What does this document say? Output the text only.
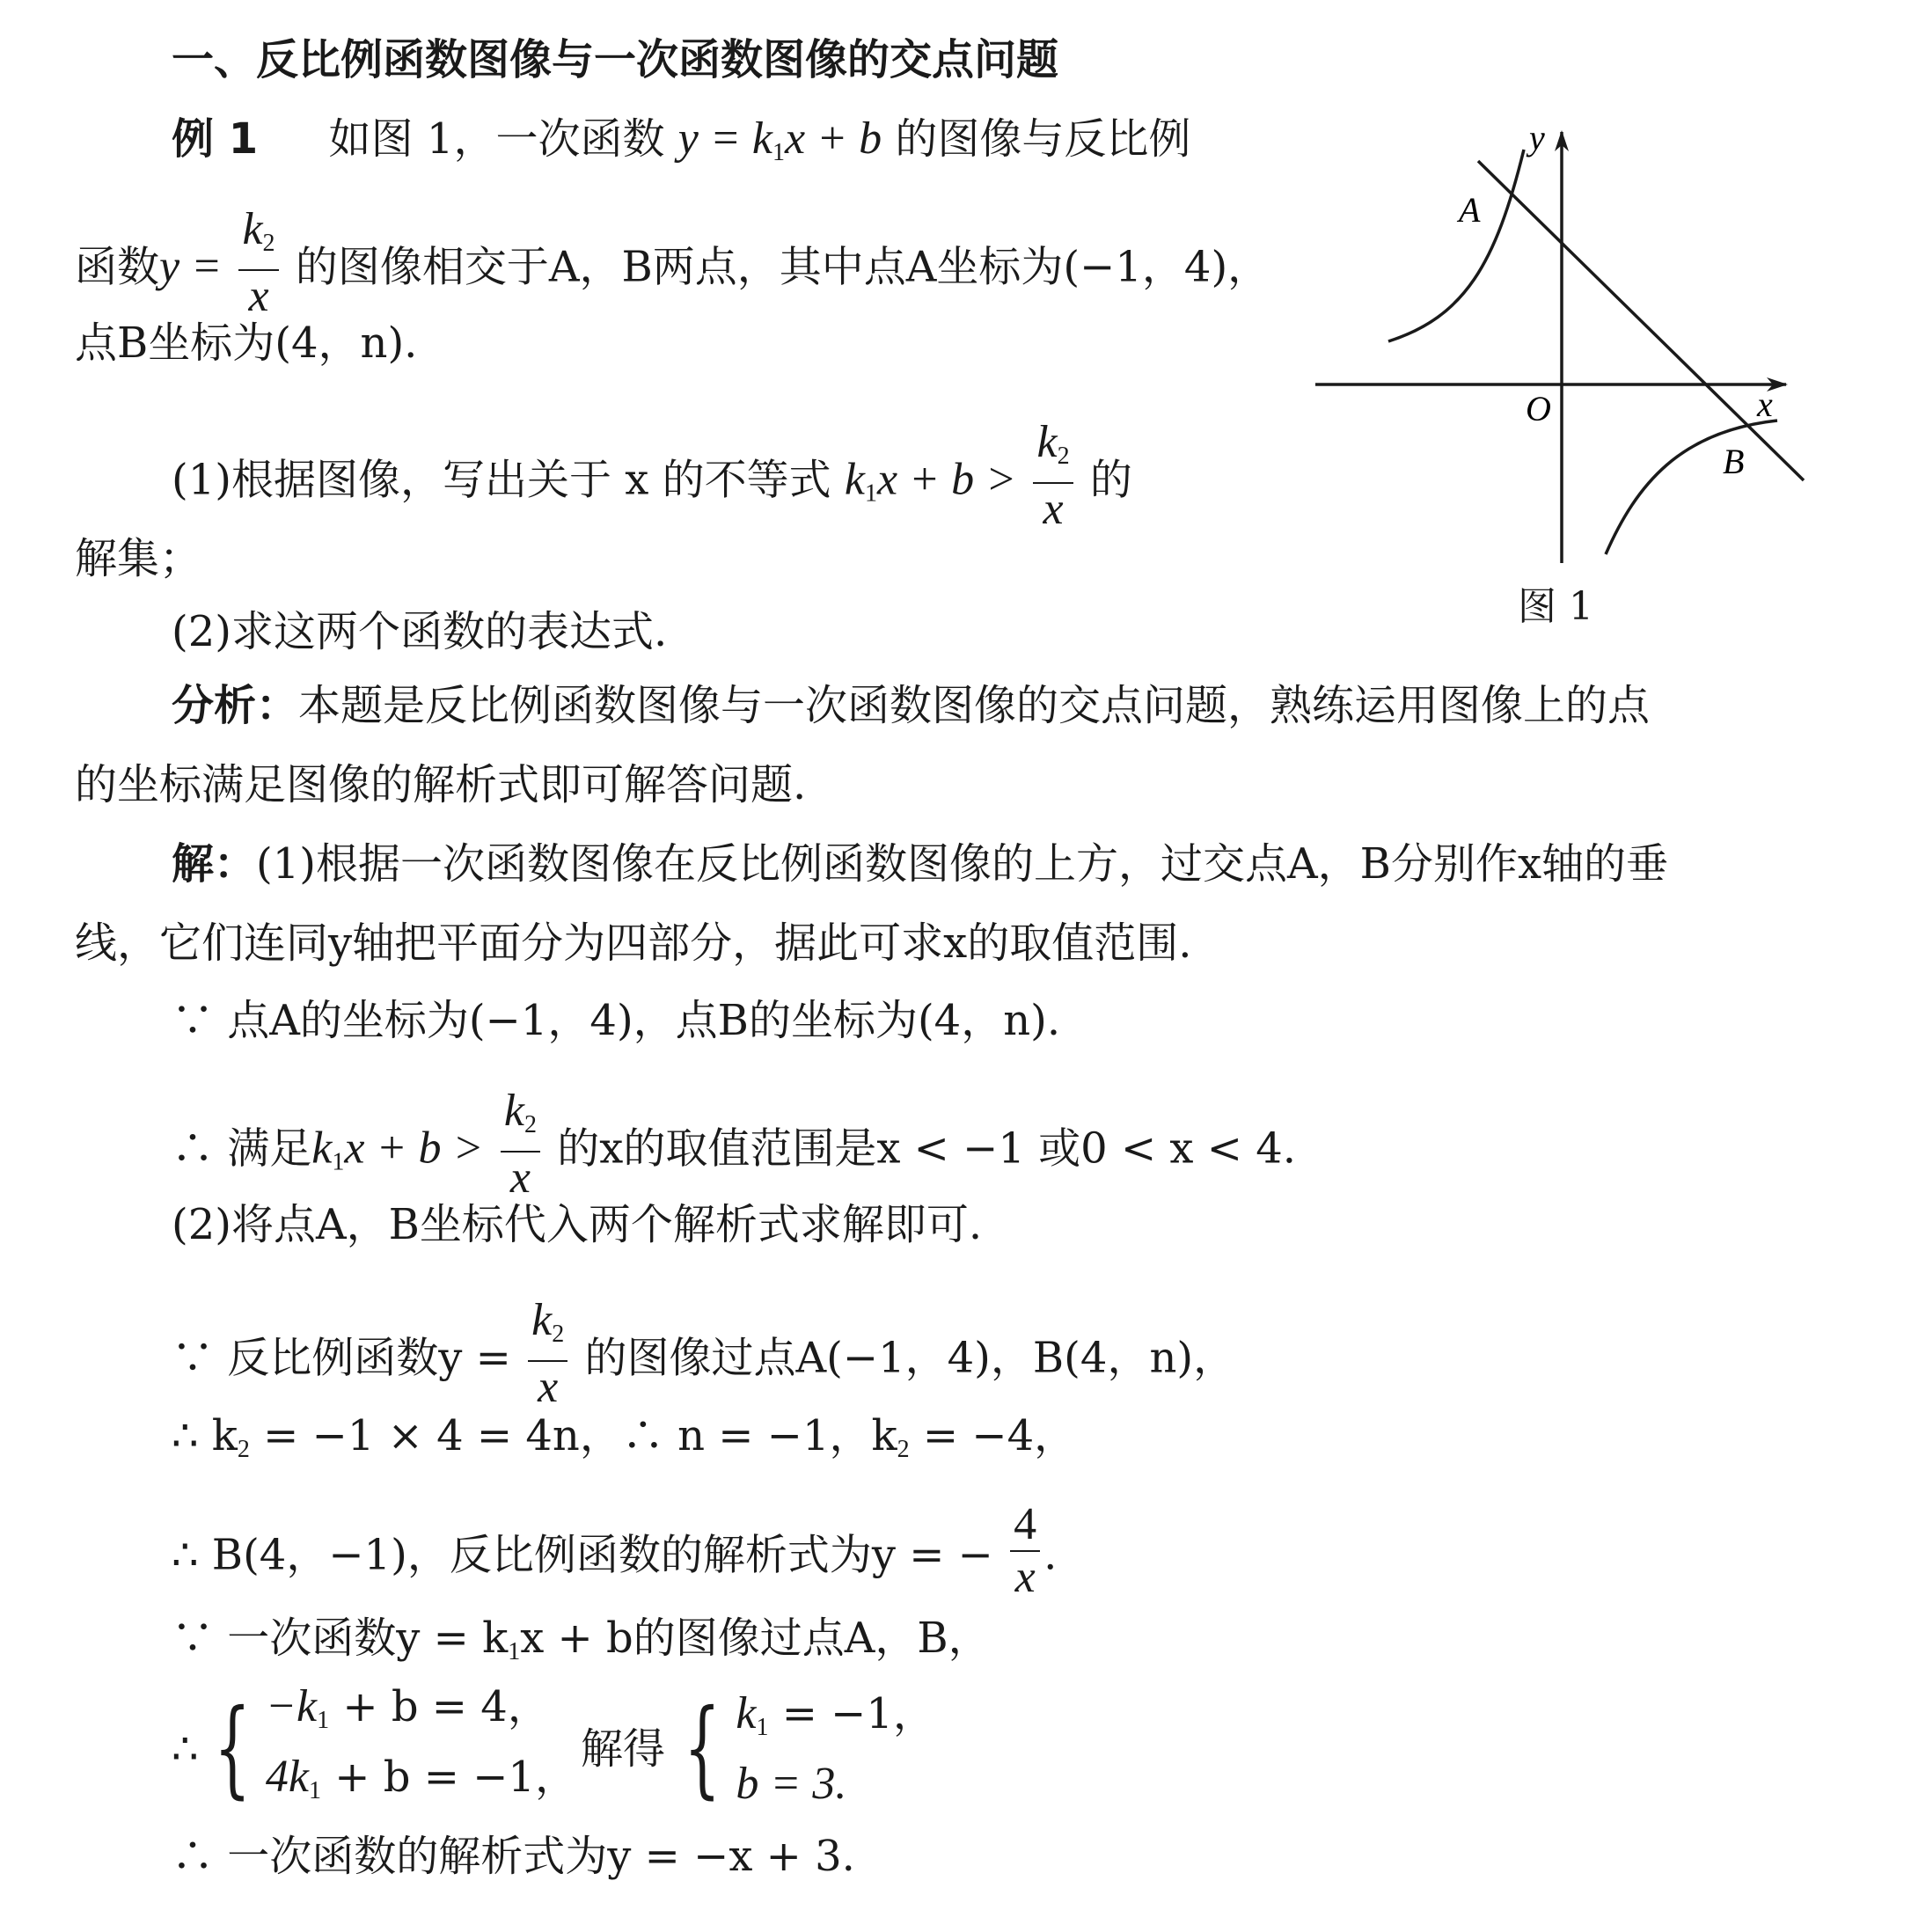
一、反比例函数图像与一次函数图像的交点问题
例 1 如图 1，一次函数 $y = k_1x + b$ 的图像与反比例
函数$y = \frac{k_2}{x}$ 的图像相交于A，B两点，其中点A坐标为(−1，4)，
点B坐标为(4，n).
(1)根据图像，写出关于 x 的不等式 $k_1x + b > \frac{k_2}{x}$ 的
解集；
(2)求这两个函数的表达式.
分析：本题是反比例函数图像与一次函数图像的交点问题，熟练运用图像上的点
的坐标满足图像的解析式即可解答问题.
解：(1)根据一次函数图像在反比例函数图像的上方，过交点A，B分别作x轴的垂
线，它们连同y轴把平面分为四部分，据此可求x的取值范围.
∵ 点A的坐标为(−1，4)，点B的坐标为(4，n).
∴ 满足$k_1x + b > \frac{k_2}{x}$ 的x的取值范围是x < −1 或0 < x < 4.
(2)将点A，B坐标代入两个解析式求解即可.
∵ 反比例函数$y = \frac{k_2}{x}$ 的图像过点A(−1，4)，B(4，n)，
∴ $k_2 = -1 \times 4 = 4n$，∴ n = −1，$k_2 = -4$，
∴ B(4，−1)，反比例函数的解析式为y = − $\frac{4}{x}$ .
∵ 一次函数$y = k_1x + b$的图像过点A，B，
∴ { $-k_1 + b = 4$，
$4k_1 + b = -1$，
解得 { $k_1 = -1$，
b = 3.
∴ 一次函数的解析式为y = −x + 3.
y
x
O
A
B
图 1
